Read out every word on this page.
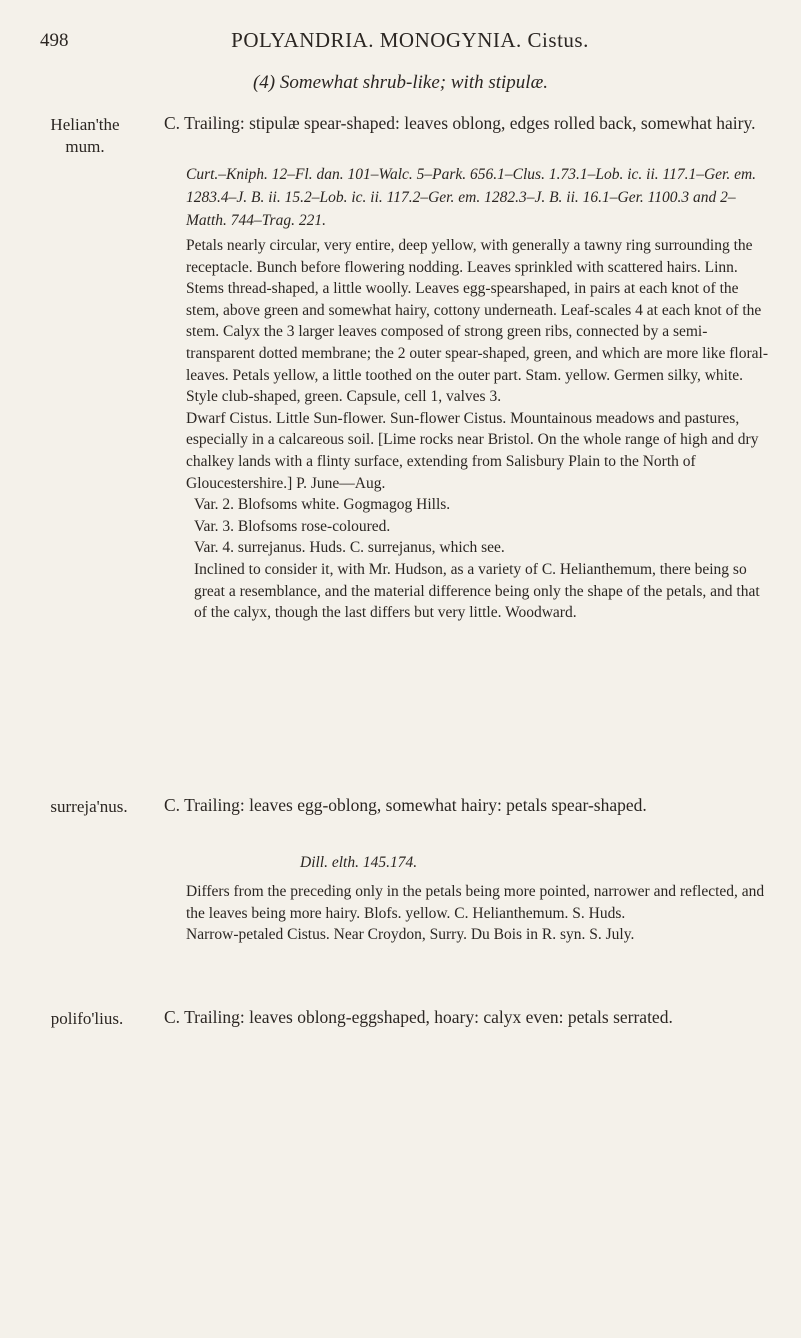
498	POLYANDRIA. MONOGYNIA. Cistus.
(4) Somewhat shrub-like; with stipulæ.
Helian'the mum.
C. Trailing: stipulæ spear-shaped: leaves oblong, edges rolled back, somewhat hairy.
Curt.–Kniph. 12–Fl. dan. 101–Walc. 5–Park. 656.1–Clus. 1.73.1–Lob. ic. ii. 117.1–Ger. em. 1283.4–J. B. ii. 15.2–Lob. ic. ii. 117.2–Ger. em. 1282.3–J. B. ii. 16.1–Ger. 1100.3 and 2–Matth. 744–Trag. 221.

Petals nearly circular, very entire, deep yellow, with generally a tawny ring surrounding the receptacle. Bunch before flowering nodding. Leaves sprinkled with scattered hairs. Linn. Stems thread-shaped, a little woolly. Leaves egg-spearshaped, in pairs at each knot of the stem, above green and somewhat hairy, cottony underneath. Leaf-scales 4 at each knot of the stem. Calyx the 3 larger leaves composed of strong green ribs, connected by a semi-transparent dotted membrane; the 2 outer spear-shaped, green, and which are more like floral-leaves. Petals yellow, a little toothed on the outer part. Stam. yellow. Germen silky, white. Style club-shaped, green. Capsule, cell 1, valves 3.

Dwarf Cistus. Little Sun-flower. Sun-flower Cistus. Mountainous meadows and pastures, especially in a calcareous soil. [Lime rocks near Bristol. On the whole range of high and dry chalkey lands with a flinty surface, extending from Salisbury Plain to the North of Gloucestershire.] P. June—Aug.

Var. 2. Blofsoms white. Gogmagog Hills.

Var. 3. Blofsoms rose-coloured.

Var. 4. surrejanus. Huds. C. surrejanus, which see.

Inclined to consider it, with Mr. Hudson, as a variety of C. Helianthemum, there being so great a resemblance, and the material difference being only the shape of the petals, and that of the calyx, though the last differs but very little. Woodward.

surreja'nus.	C. Trailing: leaves egg-oblong, somewhat hairy: petals spear-shaped.
Dill. elth. 145.174.

Differs from the preceding only in the petals being more pointed, narrower and reflected, and the leaves being more hairy. Blofs. yellow. C. Helianthemum. S. Huds.

Narrow-petaled Cistus. Near Croydon, Surry. Du Bois in R. syn. S. July.

polifo'lius.	C. Trailing: leaves oblong-eggshaped, hoary: calyx even: petals serrated.
